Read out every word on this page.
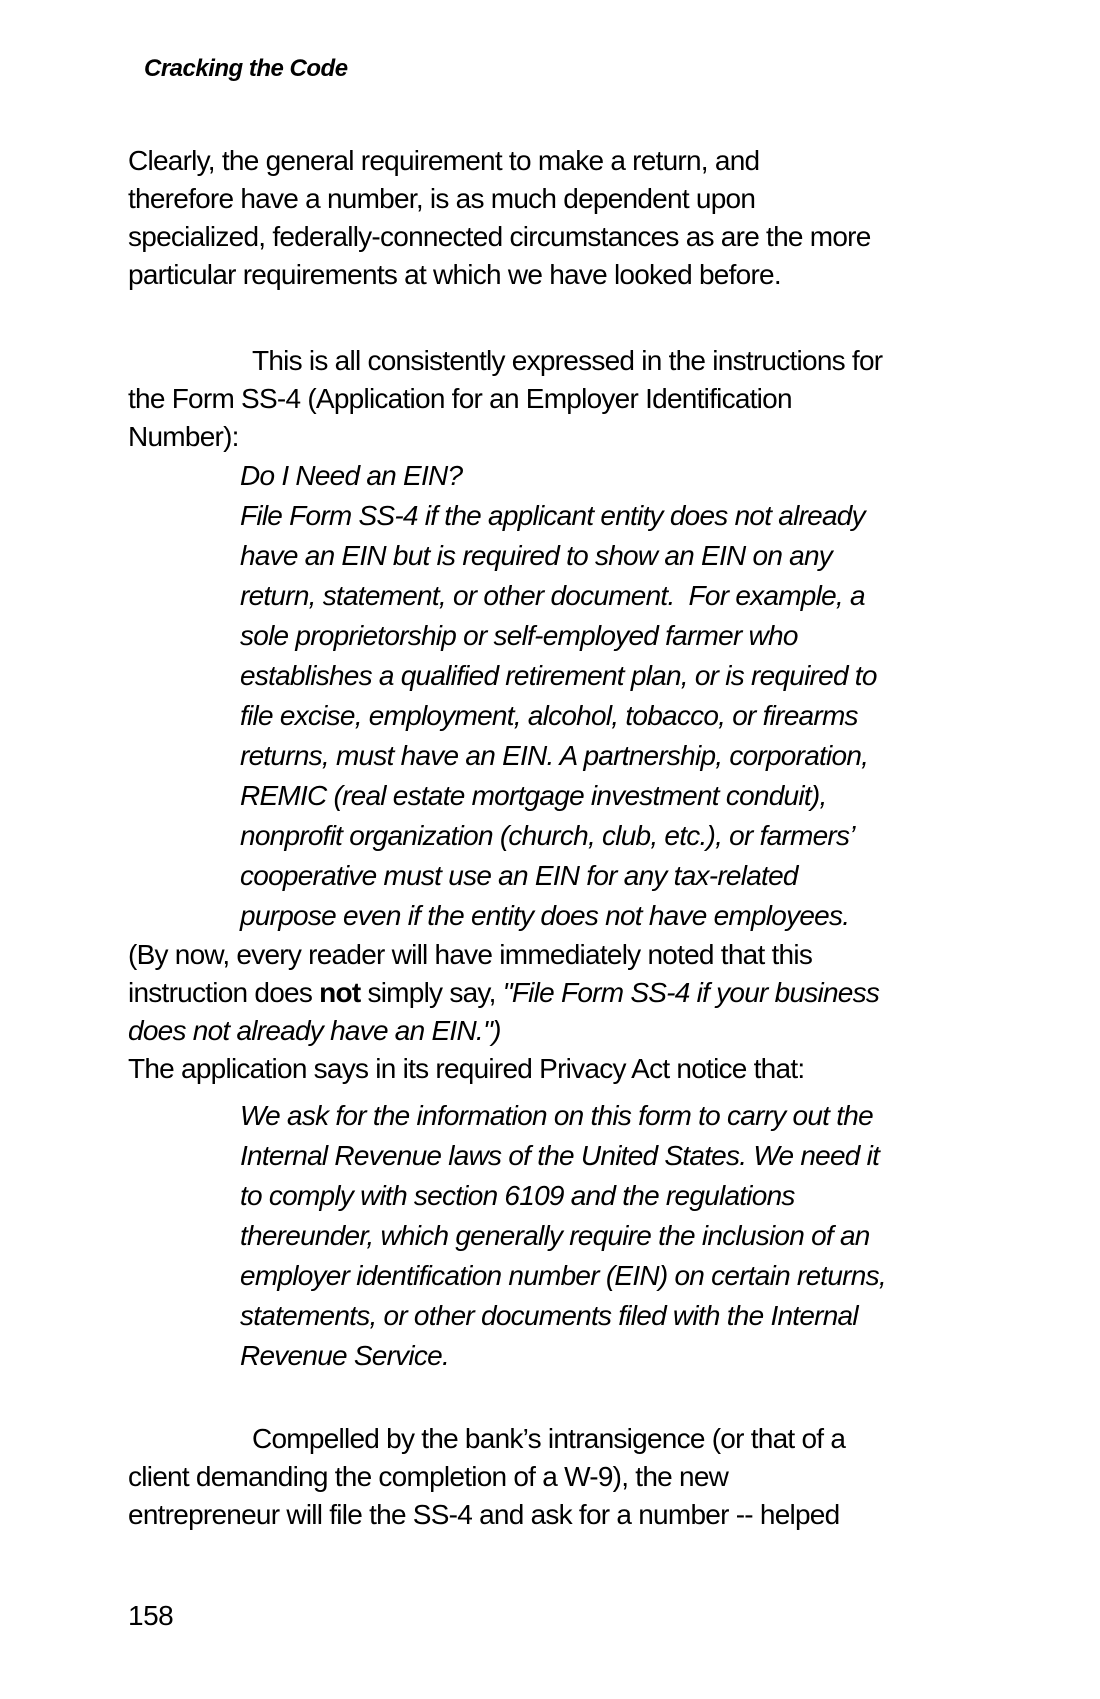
Cracking the Code
Clearly, the general requirement to make a return, and
therefore have a number, is as much dependent upon
specialized, federally-connected circumstances as are the more
particular requirements at which we have looked before.
This is all consistently expressed in the instructions for
the Form SS-4 (Application for an Employer Identification
Number):
Do I Need an EIN?
File Form SS-4 if the applicant entity does not already
have an EIN but is required to show an EIN on any
return, statement, or other document.  For example, a
sole proprietorship or self-employed farmer who
establishes a qualified retirement plan, or is required to
file excise, employment, alcohol, tobacco, or firearms
returns, must have an EIN. A partnership, corporation,
REMIC (real estate mortgage investment conduit),
nonprofit organization (church, club, etc.), or farmers’
cooperative must use an EIN for any tax-related
purpose even if the entity does not have employees.
(By now, every reader will have immediately noted that this
instruction does not simply say, "File Form SS-4 if your business
does not already have an EIN.")
The application says in its required Privacy Act notice that:
We ask for the information on this form to carry out the
Internal Revenue laws of the United States. We need it
to comply with section 6109 and the regulations
thereunder, which generally require the inclusion of an
employer identification number (EIN) on certain returns,
statements, or other documents filed with the Internal
Revenue Service.
Compelled by the bank’s intransigence (or that of a
client demanding the completion of a W-9), the new
entrepreneur will file the SS-4 and ask for a number -- helped
158
